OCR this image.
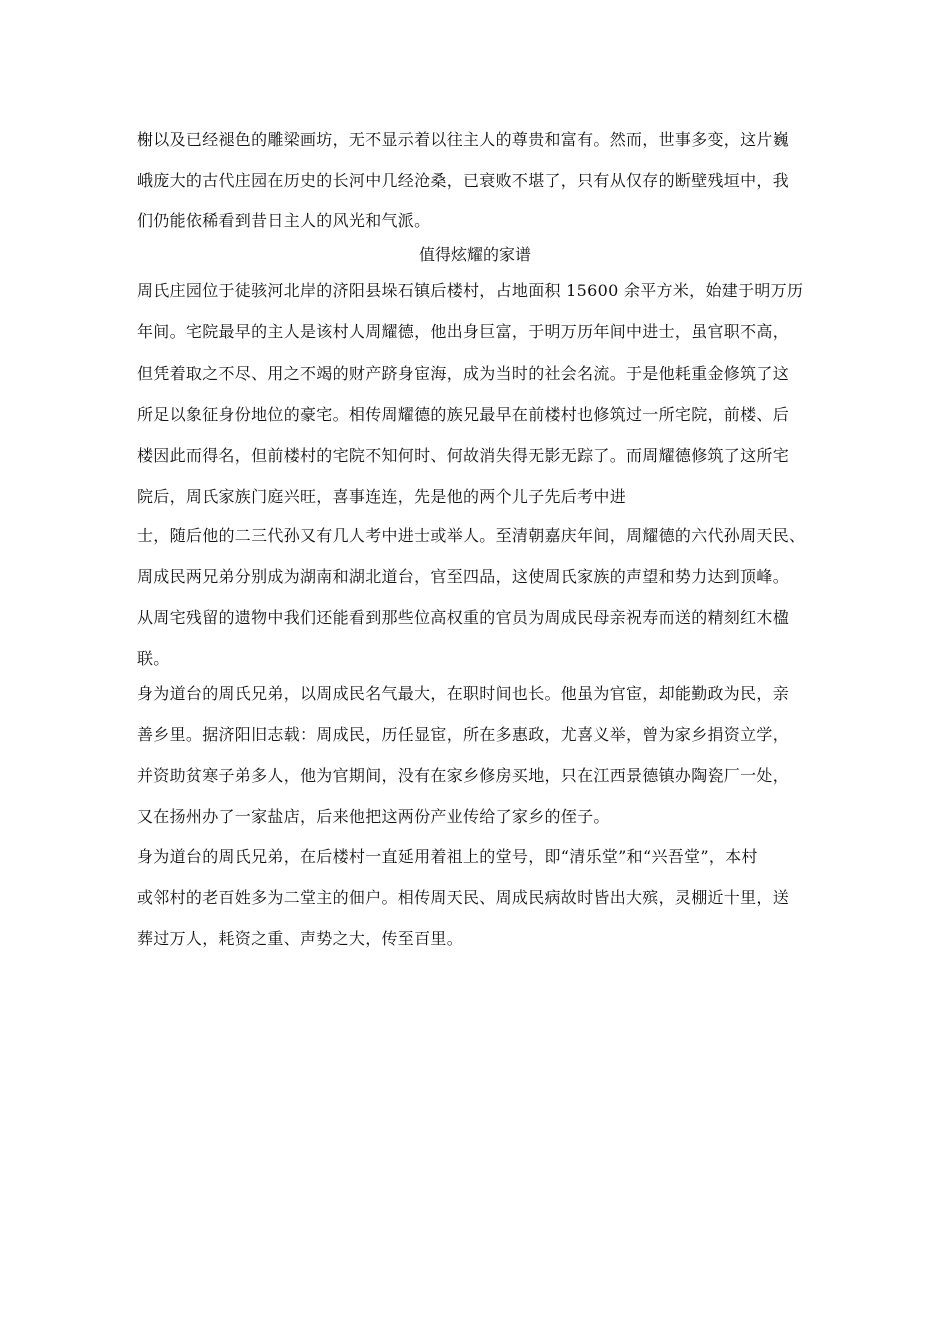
榭以及已经褪色的雕梁画坊，无不显示着以往主人的尊贵和富有。然而，世事多变，这片巍
峨庞大的古代庄园在历史的长河中几经沧桑，已衰败不堪了，只有从仅存的断壁残垣中，我
们仍能依稀看到昔日主人的风光和气派。
值得炫耀的家谱
周氏庄园位于徒骇河北岸的济阳县垛石镇后楼村，占地面积 15600 余平方米，始建于明万历
年间。宅院最早的主人是该村人周耀德，他出身巨富，于明万历年间中进士，虽官职不高，
但凭着取之不尽、用之不竭的财产跻身宦海，成为当时的社会名流。于是他耗重金修筑了这
所足以象征身份地位的豪宅。相传周耀德的族兄最早在前楼村也修筑过一所宅院，前楼、后
楼因此而得名，但前楼村的宅院不知何时、何故消失得无影无踪了。而周耀德修筑了这所宅
院后，周氏家族门庭兴旺，喜事连连，先是他的两个儿子先后考中进
士，随后他的二三代孙又有几人考中进士或举人。至清朝嘉庆年间，周耀德的六代孙周天民、
周成民两兄弟分别成为湖南和湖北道台，官至四品，这使周氏家族的声望和势力达到顶峰。
从周宅残留的遗物中我们还能看到那些位高权重的官员为周成民母亲祝寿而送的精刻红木楹
联。
身为道台的周氏兄弟，以周成民名气最大，在职时间也长。他虽为官宦，却能勤政为民，亲
善乡里。据济阳旧志载：周成民，历任显宦，所在多惠政，尤喜义举，曾为家乡捐资立学，
并资助贫寒子弟多人，他为官期间，没有在家乡修房买地，只在江西景德镇办陶瓷厂一处，
又在扬州办了一家盐店，后来他把这两份产业传给了家乡的侄子。
身为道台的周氏兄弟，在后楼村一直延用着祖上的堂号，即“清乐堂”和“兴吾堂”，本村
或邻村的老百姓多为二堂主的佃户。相传周天民、周成民病故时皆出大殡，灵棚近十里，送
葬过万人，耗资之重、声势之大，传至百里。
